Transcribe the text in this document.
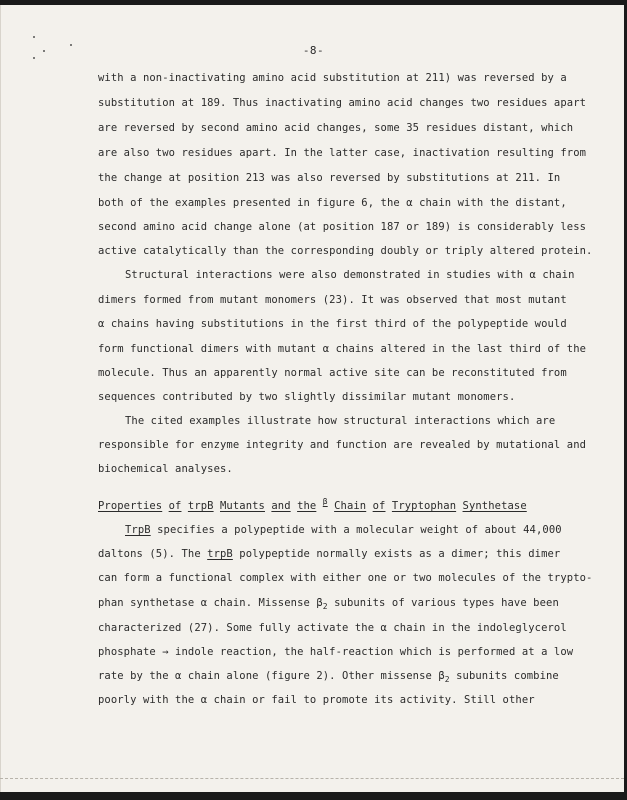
-8-
with a non-inactivating amino acid substitution at 211) was reversed by a
substitution at 189. Thus inactivating amino acid changes two residues apart
are reversed by second amino acid changes, some 35 residues distant, which
are also two residues apart. In the latter case, inactivation resulting from
the change at position 213 was also reversed by substitutions at 211. In
both of the examples presented in figure 6, the α chain with the distant,
second amino acid change alone (at position 187 or 189) is considerably less
active catalytically than the corresponding doubly or triply altered protein.
Structural interactions were also demonstrated in studies with α chain
dimers formed from mutant monomers (23). It was observed that most mutant
α chains having substitutions in the first third of the polypeptide would
form functional dimers with mutant α chains altered in the last third of the
molecule. Thus an apparently normal active site can be reconstituted from
sequences contributed by two slightly dissimilar mutant monomers.
The cited examples illustrate how structural interactions which are
responsible for enzyme integrity and function are revealed by mutational and
biochemical analyses.
Properties of trpB Mutants and the $^\beta$ Chain of Tryptophan Synthetase
TrpB specifies a polypeptide with a molecular weight of about 44,000
daltons (5). The trpB polypeptide normally exists as a dimer; this dimer
can form a functional complex with either one or two molecules of the trypto-
phan synthetase α chain. Missense $\beta_2$ subunits of various types have been
characterized (27). Some fully activate the α chain in the indoleglycerol
phosphate → indole reaction, the half-reaction which is performed at a low
rate by the α chain alone (figure 2). Other missense $\beta_2$ subunits combine
poorly with the α chain or fail to promote its activity. Still other
